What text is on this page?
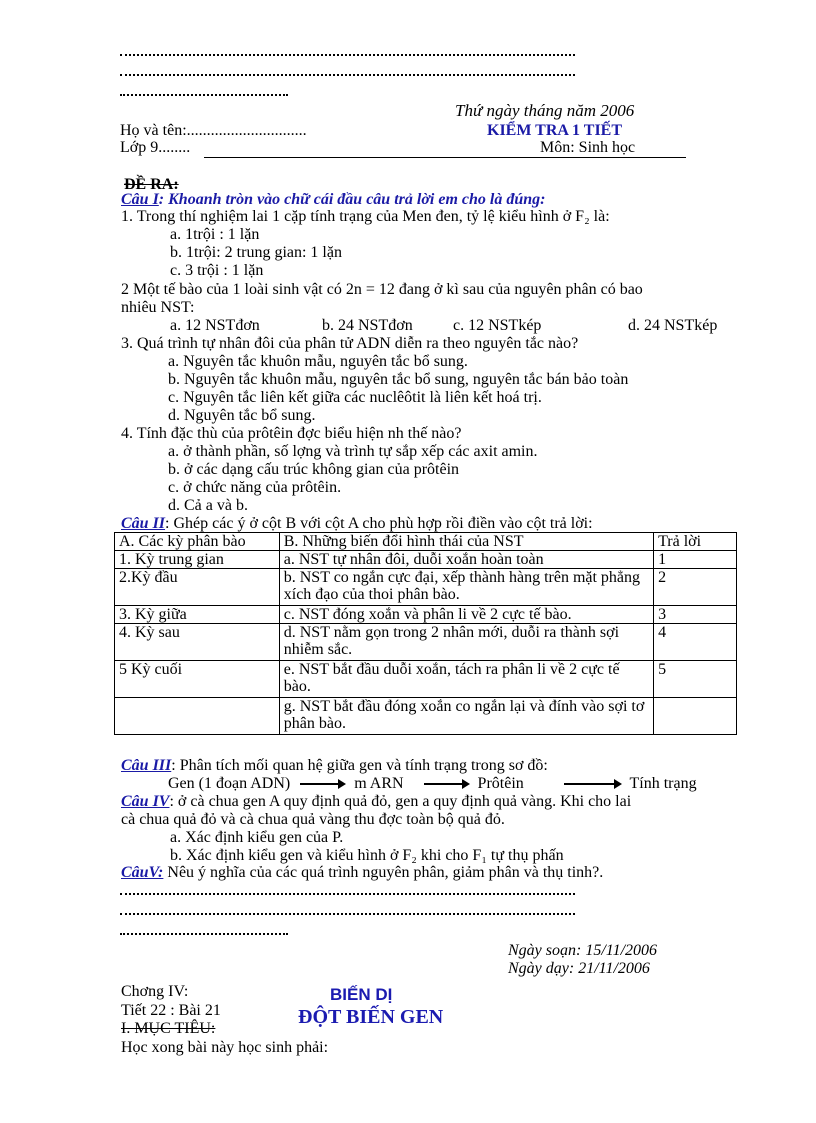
Thứ ngày tháng năm 2006
Họ và tên:..............................	KIỂM TRA 1 TIẾT
Lớp 9........	Môn: Sinh học
ĐỀ RA:
Câu I: Khoanh tròn vào chữ cái đầu câu trả lời em cho là đúng:
1. Trong thí nghiệm lai 1 cặp tính trạng của Men đen, tỷ lệ kiểu hình ở F₂ là:
a. 1trội : 1 lặn
b. 1trội: 2 trung gian: 1 lặn
c. 3 trội : 1 lặn
2 Một tế bào của 1 loài sinh vật có 2n = 12 đang ở kì sau của nguyên phân có bao
nhiêu NST:
a. 12 NSTđơn	b. 24 NSTđơn	c. 12 NSTkép	d. 24 NSTkép
3. Quá trình tự nhân đôi của phân tử ADN diễn ra theo nguyên tắc nào?
a. Nguyên tắc khuôn mẫu, nguyên tắc bổ sung.
b. Nguyên tắc khuôn mẫu, nguyên tắc bổ sung, nguyên tắc bán bảo toàn
c. Nguyên tắc liên kết giữa các nuclêôtit là liên kết hoá trị.
d. Nguyên tắc bổ sung.
4. Tính đặc thù của prôtêin đợc biểu hiện nh thế nào?
a. ở thành phần, số lợng và trình tự sắp xếp các axit amin.
b. ở các dạng cấu trúc không gian của prôtêin
c. ở chức năng của prôtêin.
d. Cả a và b.
Câu II: Ghép các ý ở cột B với cột A cho phù hợp rồi điền vào cột trả lời:
A. Các kỳ phân bào	B. Những biến đổi hình thái của NST	Trả lời
1. Kỳ trung gian	a. NST tự nhân đôi, duỗi xoắn hoàn toàn	1
2.Kỳ đầu	b. NST co ngắn cực đại, xếp thành hàng trên mặt phẳng xích đạo của thoi phân bào.	2
3. Kỳ giữa	c. NST đóng xoắn và phân li về 2 cực tế bào.	3
4. Kỳ sau	d. NST nằm gọn trong 2 nhân mới, duỗi ra thành sợi nhiễm sắc.	4
5 Kỳ cuối	e. NST bắt đầu duỗi xoắn, tách ra phân li về 2 cực tế bào.	5
	g. NST bắt đầu đóng xoắn co ngắn lại và đính vào sợi tơ phân bào.	
Câu III: Phân tích mối quan hệ giữa gen và tính trạng trong sơ đồ:
Gen (1 đoạn ADN)	m ARN	Prôtêin	Tính trạng
Câu IV: ở cà chua gen A quy định quả đỏ, gen a quy định quả vàng. Khi cho lai
cà chua quả đỏ và cà chua quả vàng thu đợc toàn bộ quả đỏ.
a. Xác định kiểu gen của P.
b. Xác định kiểu gen và kiểu hình ở F₂ khi cho F₁ tự thụ phấn
CâuV: Nêu ý nghĩa của các quá trình nguyên phân, giảm phân và thụ tinh?.
Ngày soạn: 15/11/2006
Ngày dạy: 21/11/2006
Chơng IV:
Tiết 22 : Bài 21
BIẾN DỊ
ĐỘT BIẾN GEN
I. MỤC TIÊU:
Học xong bài này học sinh phải:
